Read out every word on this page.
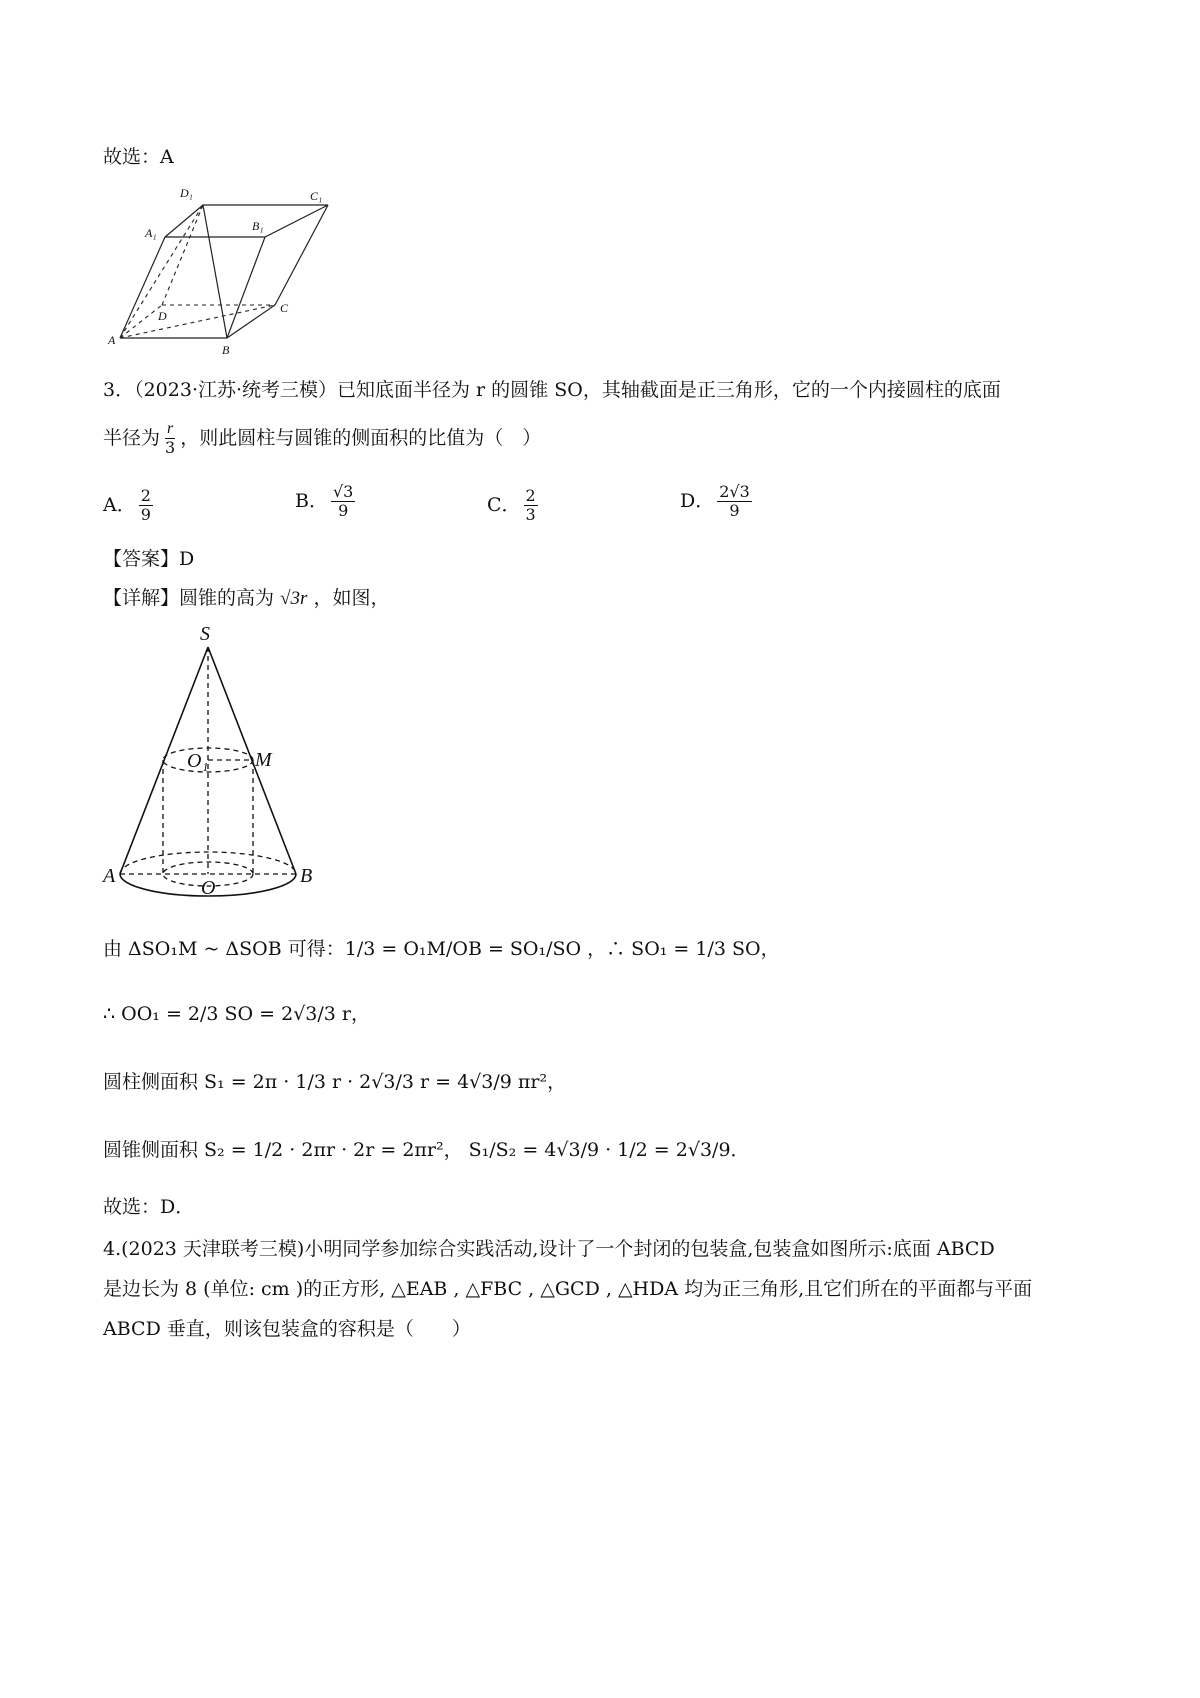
故选：A
D₁	C₁
A₁	B₁
A
B
C
D
3．（2023·江苏·统考三模）已知底面半径为 r 的圆锥 SO，其轴截面是正三角形，它的一个内接圆柱的底面
半径为 $\frac{r}{3}$ ，则此圆柱与圆锥的侧面积的比值为（　）
A． $\frac{2}{9}$	B． $\frac{√3}{9}$	C． $\frac{2}{3}$	D． $\frac{2√3}{9}$
【答案】D
【详解】圆锥的高为 √3r ，如图，
S
O₁ M
A	B
O
由 ΔSO₁M ~ ΔSOB 可得：1/3 = O₁M/OB = SO₁/SO ，∴ SO₁ = 1/3 SO，
∴ OO₁ = 2/3 SO = 2√3/3 r，
圆柱侧面积 S₁ = 2π · 1/3 r · 2√3/3 r = 4√3/9 πr²，
圆锥侧面积 S₂ = 1/2 · 2πr · 2r = 2πr²， S₁/S₂ = 4√3/9 · 1/2 = 2√3/9．
故选：D．
4.(2023 天津联考三模)小明同学参加综合实践活动,设计了一个封闭的包装盒,包装盒如图所示:底面 ABCD
是边长为 8 (单位: cm )的正方形, △EAB , △FBC , △GCD , △HDA 均为正三角形,且它们所在的平面都与平面
ABCD 垂直，则该包装盒的容积是（　　）
